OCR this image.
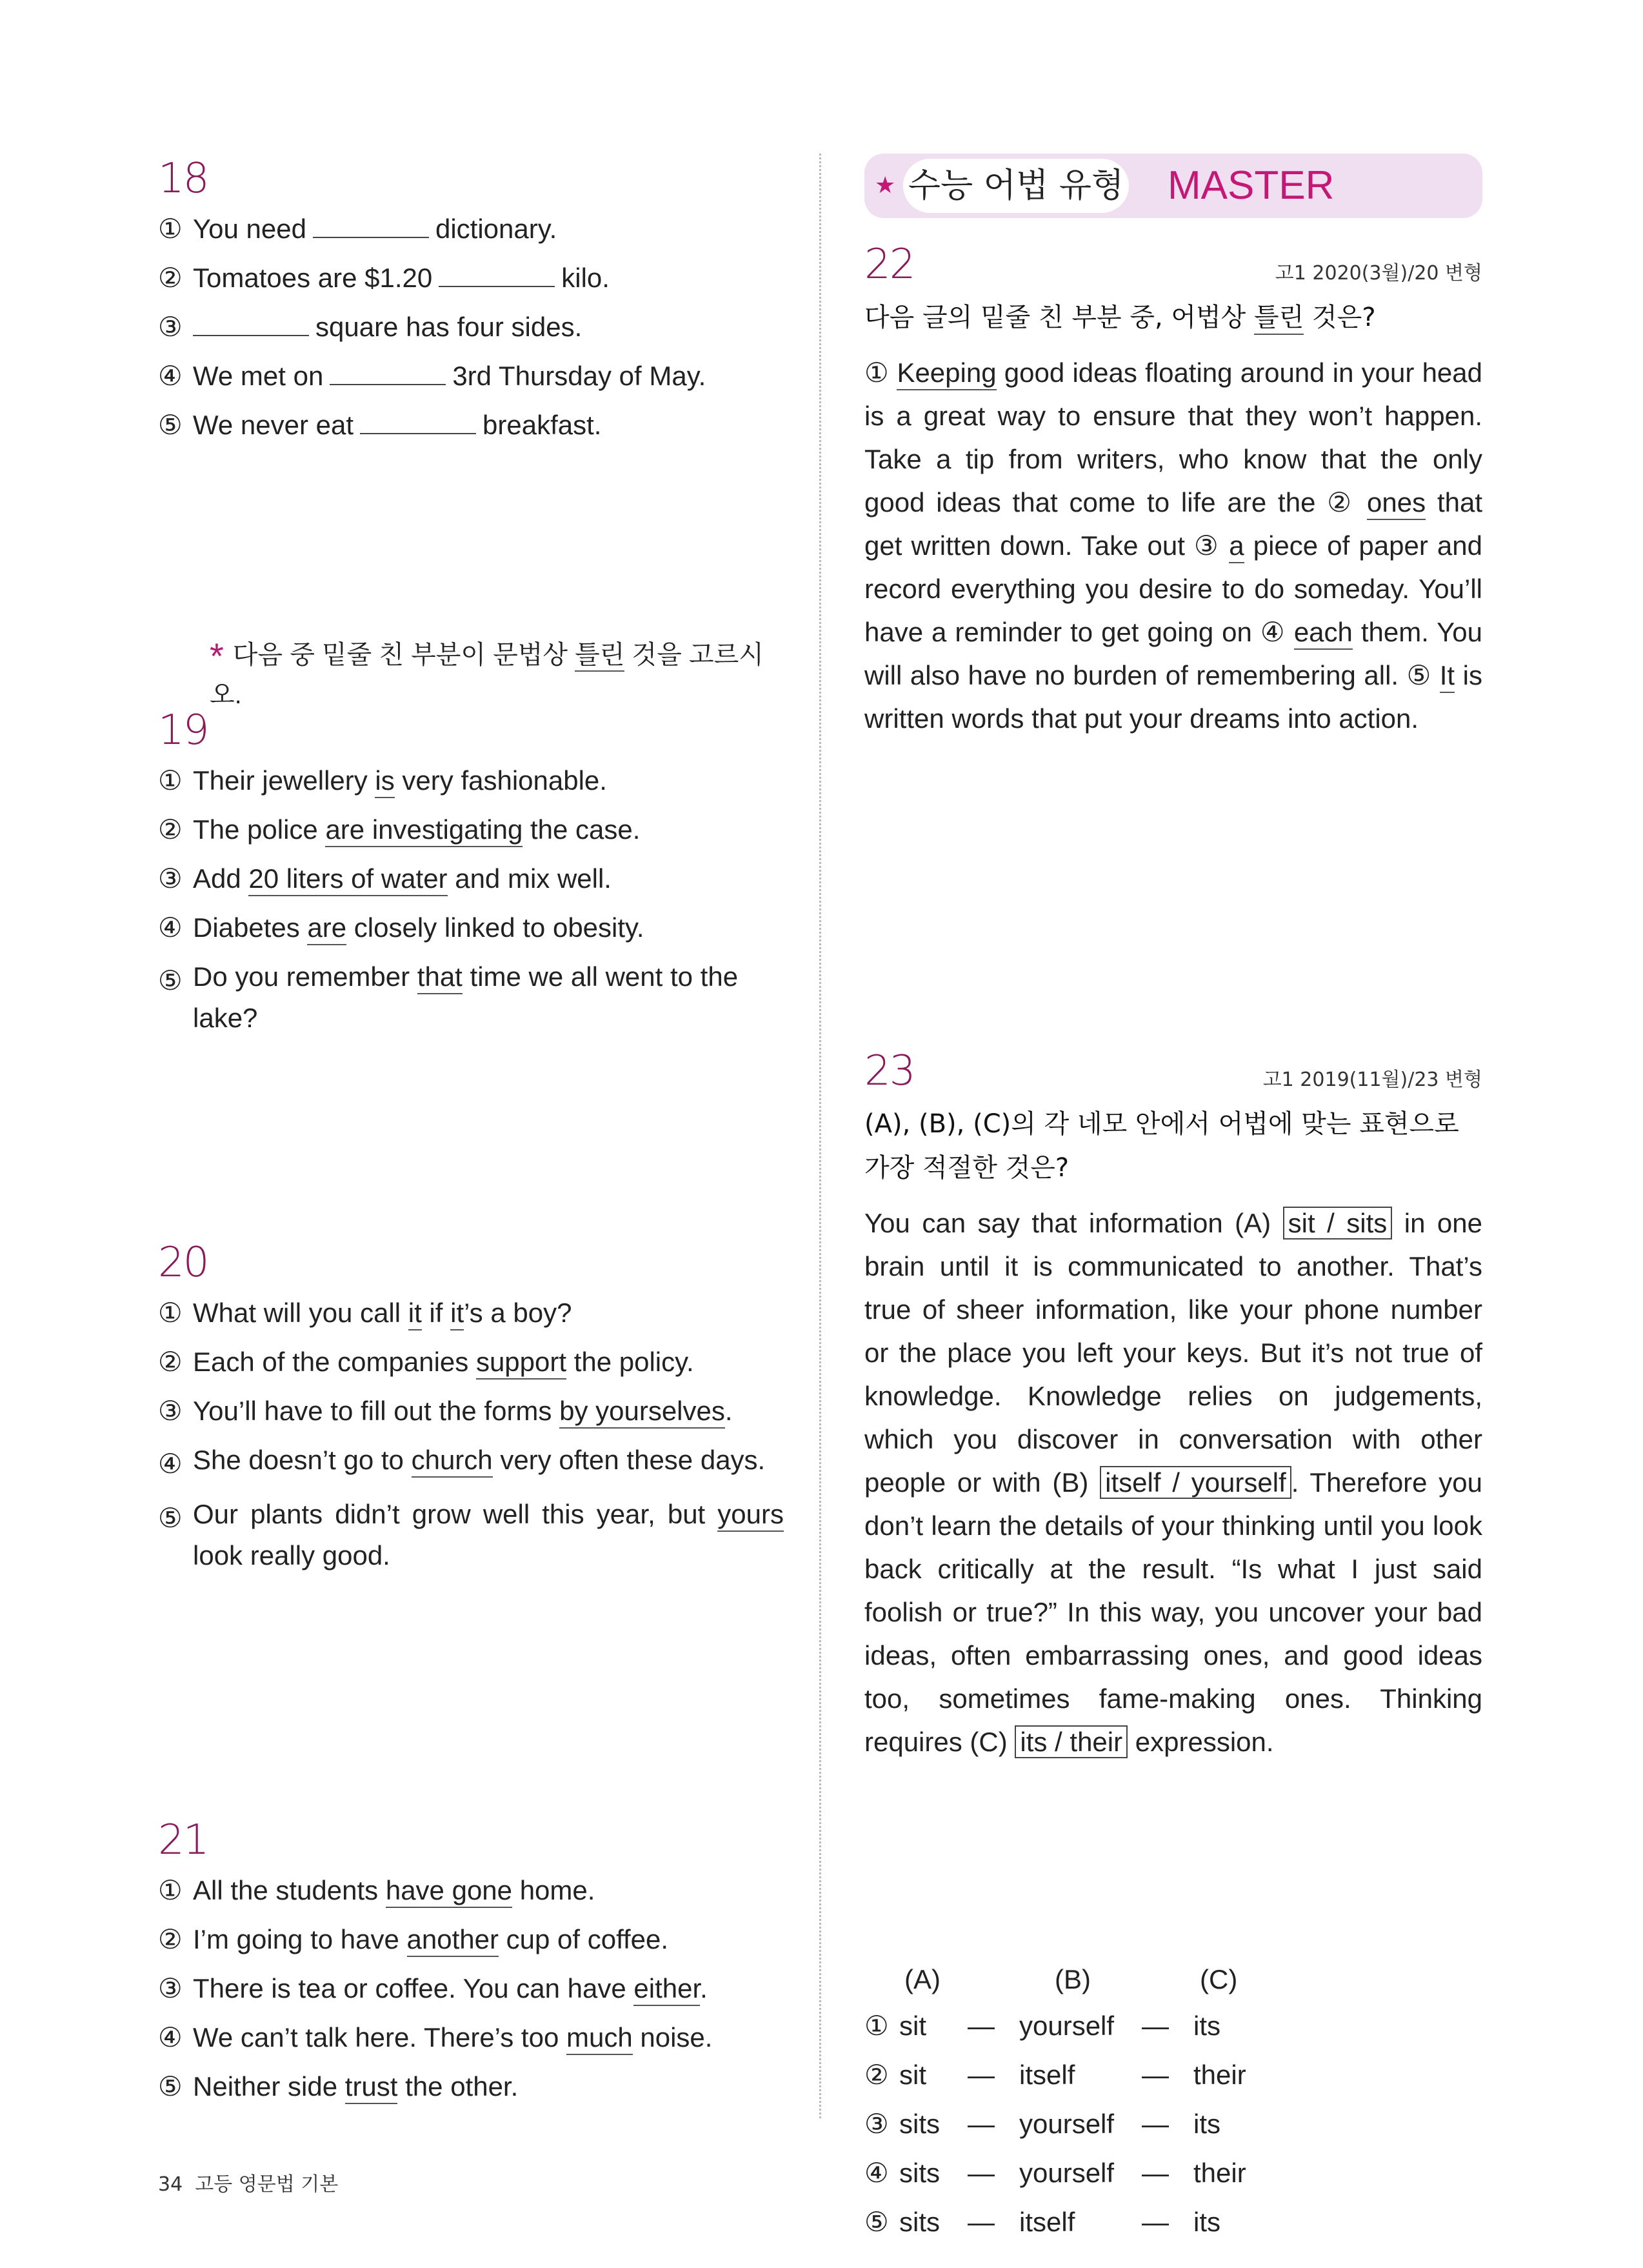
18
① You need	dictionary.
② Tomatoes are $1.20	kilo.
③	square has four sides.
④ We met on	3rd Thursday of May.
⑤ We never eat	breakfast.
* 다음 중 밑줄 친 부분이 문법상 틀린 것을 고르시오.
19
① Their jewellery is very fashionable.
② The police are investigating the case.
③ Add 20 liters of water and mix well.
④ Diabetes are closely linked to obesity.
⑤ Do you remember that time we all went to the lake?
20
① What will you call it if it’s a boy?
② Each of the companies support the policy.
③ You’ll have to fill out the forms by yourselves.
④ She doesn’t go to church very often these days.
⑤ Our plants didn’t grow well this year, but yours look really good.
21
① All the students have gone home.
② I’m going to have another cup of coffee.
③ There is tea or coffee. You can have either.
④ We can’t talk here. There’s too much noise.
⑤ Neither side trust the other.
★ 수능 어법 유형 MASTER
22	고1 2020(3월)/20 변형
다음 글의 밑줄 친 부분 중, 어법상 틀린 것은?
① Keeping good ideas floating around in your head is a great way to ensure that they won’t happen. Take a tip from writers, who know that the only good ideas that come to life are the ② ones that get written down. Take out ③ a piece of paper and record everything you desire to do someday. You’ll have a reminder to get going on ④ each them. You will also have no burden of remembering all. ⑤ It is written words that put your dreams into action.
23	고1 2019(11월)/23 변형
(A), (B), (C)의 각 네모 안에서 어법에 맞는 표현으로 가장 적절한 것은?
You can say that information (A) sit / sits in one brain until it is communicated to another. That’s true of sheer information, like your phone number or the place you left your keys. But it’s not true of knowledge. Knowledge relies on judgements, which you discover in conversation with other people or with (B) itself / yourself . Therefore you don’t learn the details of your thinking until you look back critically at the result. “Is what I just said foolish or true?” In this way, you uncover your bad ideas, often embarrassing ones, and good ideas too, sometimes fame-making ones. Thinking requires (C) its / their expression.
(A)	(B)	(C)
① sit — yourself — its
② sit — itself — their
③ sits — yourself — its
④ sits — yourself — their
⑤ sits — itself — its
34 고등 영문법 기본
